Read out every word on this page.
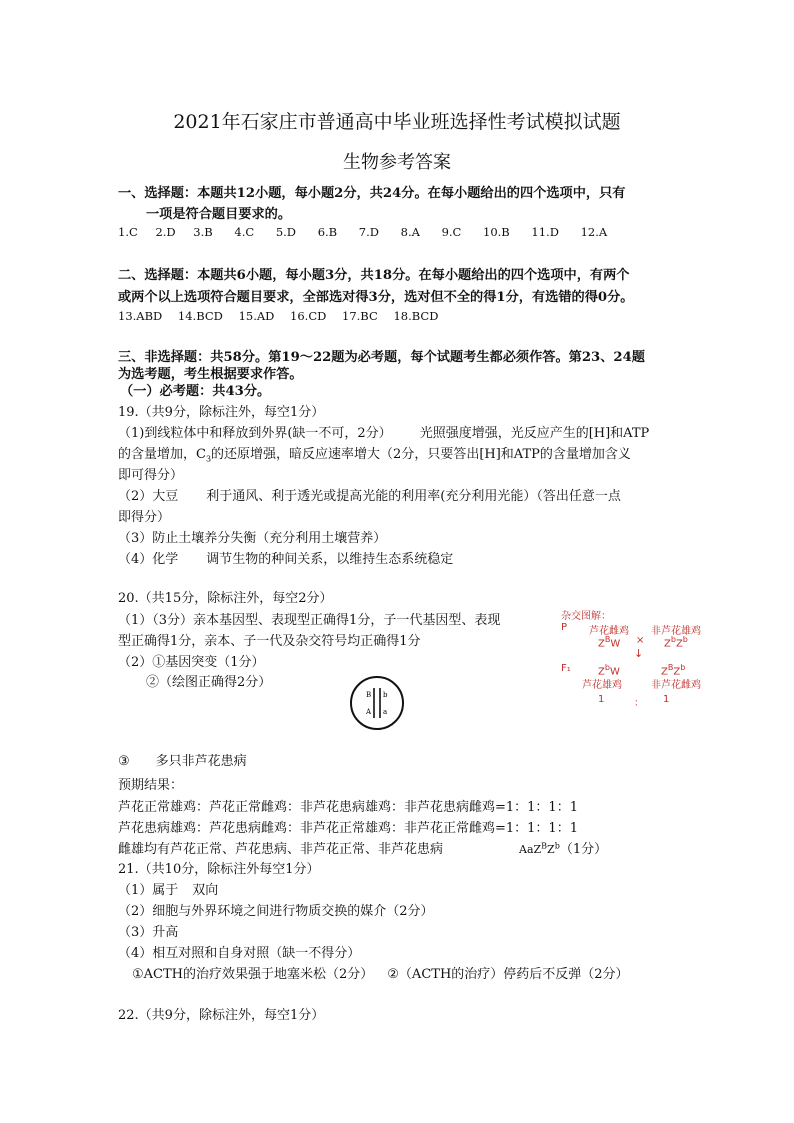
2021年石家庄市普通高中毕业班选择性考试模拟试题
生物参考答案
一、选择题：本题共12小题，每小题2分，共24分。在每小题给出的四个选项中，只有
一项是符合题目要求的。
1.C 2.D 3.B 4.C 5.D 6.B 7.D 8.A 9.C 10.B 11.D 12.A
二、选择题：本题共6小题，每小题3分，共18分。在每小题给出的四个选项中，有两个
或两个以上选项符合题目要求，全部选对得3分，选对但不全的得1分，有选错的得0分。
13.ABD 14.BCD 15.AD 16.CD 17.BC 18.BCD
三、非选择题：共58分。第19～22题为必考题，每个试题考生都必须作答。第23、24题
为选考题，考生根据要求作答。
（一）必考题：共43分。
19.（共9分，除标注外，每空1分）
（1)到线粒体中和释放到外界(缺一不可，2分） 光照强度增强，光反应产生的[H]和ATP
的含量增加，$C_3$的还原增强，暗反应速率增大（2分，只要答出[H]和ATP的含量增加含义
即可得分）
（2）大豆 利于通风、利于透光或提高光能的利用率(充分利用光能）（答出任意一点
即得分）
（3）防止土壤养分失衡（充分利用土壤营养）
（4）化学 调节生物的种间关系，以维持生态系统稳定
20.（共15分，除标注外，每空2分）
（1）（3分）亲本基因型、表现型正确得1分，子一代基因型、表现
型正确得1分，亲本、子一代及杂交符号均正确得1分
（2）①基因突变（1分）
②（绘图正确得2分）
B b
A a
杂交图解：
P 芦花雌鸡 非芦花雄鸡
$Z^BW \times Z^bZ^b$
↓
F₁	$Z^bW$	$Z^BZ^b$
芦花雄鸡	非芦花雌鸡
1	： 1
③ 多只非芦花患病
预期结果：
芦花正常雄鸡：芦花正常雌鸡：非芦花患病雄鸡：非芦花患病雌鸡=1：1：1：1
芦花患病雄鸡：芦花患病雌鸡：非芦花正常雄鸡：非芦花正常雌鸡=1：1：1：1
雌雄均有芦花正常、芦花患病、非芦花正常、非芦花患病	$AaZ^BZ^b(1$分）
21.（共10分，除标注外每空1分）
（1）属于 双向
（2）细胞与外界环境之间进行物质交换的媒介（2分）
（3）升高
（4）相互对照和自身对照（缺一不得分）
①ACTH的治疗效果强于地塞米松（2分） ②（ACTH的治疗）停药后不反弹（2分）
22.（共9分，除标注外，每空1分）
